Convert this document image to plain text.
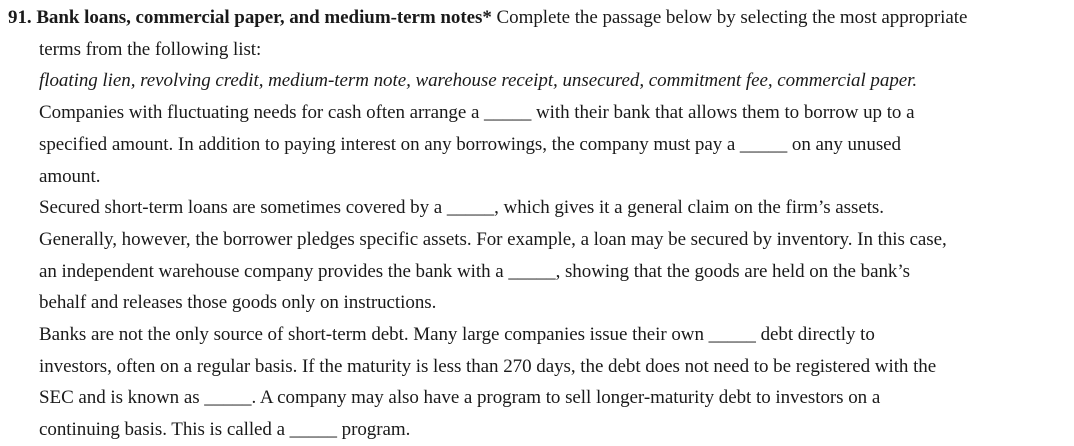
91. Bank loans, commercial paper, and medium-term notes* Complete the passage below by selecting the most appropriate
terms from the following list:
floating lien, revolving credit, medium-term note, warehouse receipt, unsecured, commitment fee, commercial paper.
Companies with fluctuating needs for cash often arrange a _____ with their bank that allows them to borrow up to a
specified amount. In addition to paying interest on any borrowings, the company must pay a _____ on any unused
amount.
Secured short-term loans are sometimes covered by a _____, which gives it a general claim on the firm’s assets.
Generally, however, the borrower pledges specific assets. For example, a loan may be secured by inventory. In this case,
an independent warehouse company provides the bank with a _____, showing that the goods are held on the bank’s
behalf and releases those goods only on instructions.
Banks are not the only source of short-term debt. Many large companies issue their own _____ debt directly to
investors, often on a regular basis. If the maturity is less than 270 days, the debt does not need to be registered with the
SEC and is known as _____. A company may also have a program to sell longer-maturity debt to investors on a
continuing basis. This is called a _____ program.
